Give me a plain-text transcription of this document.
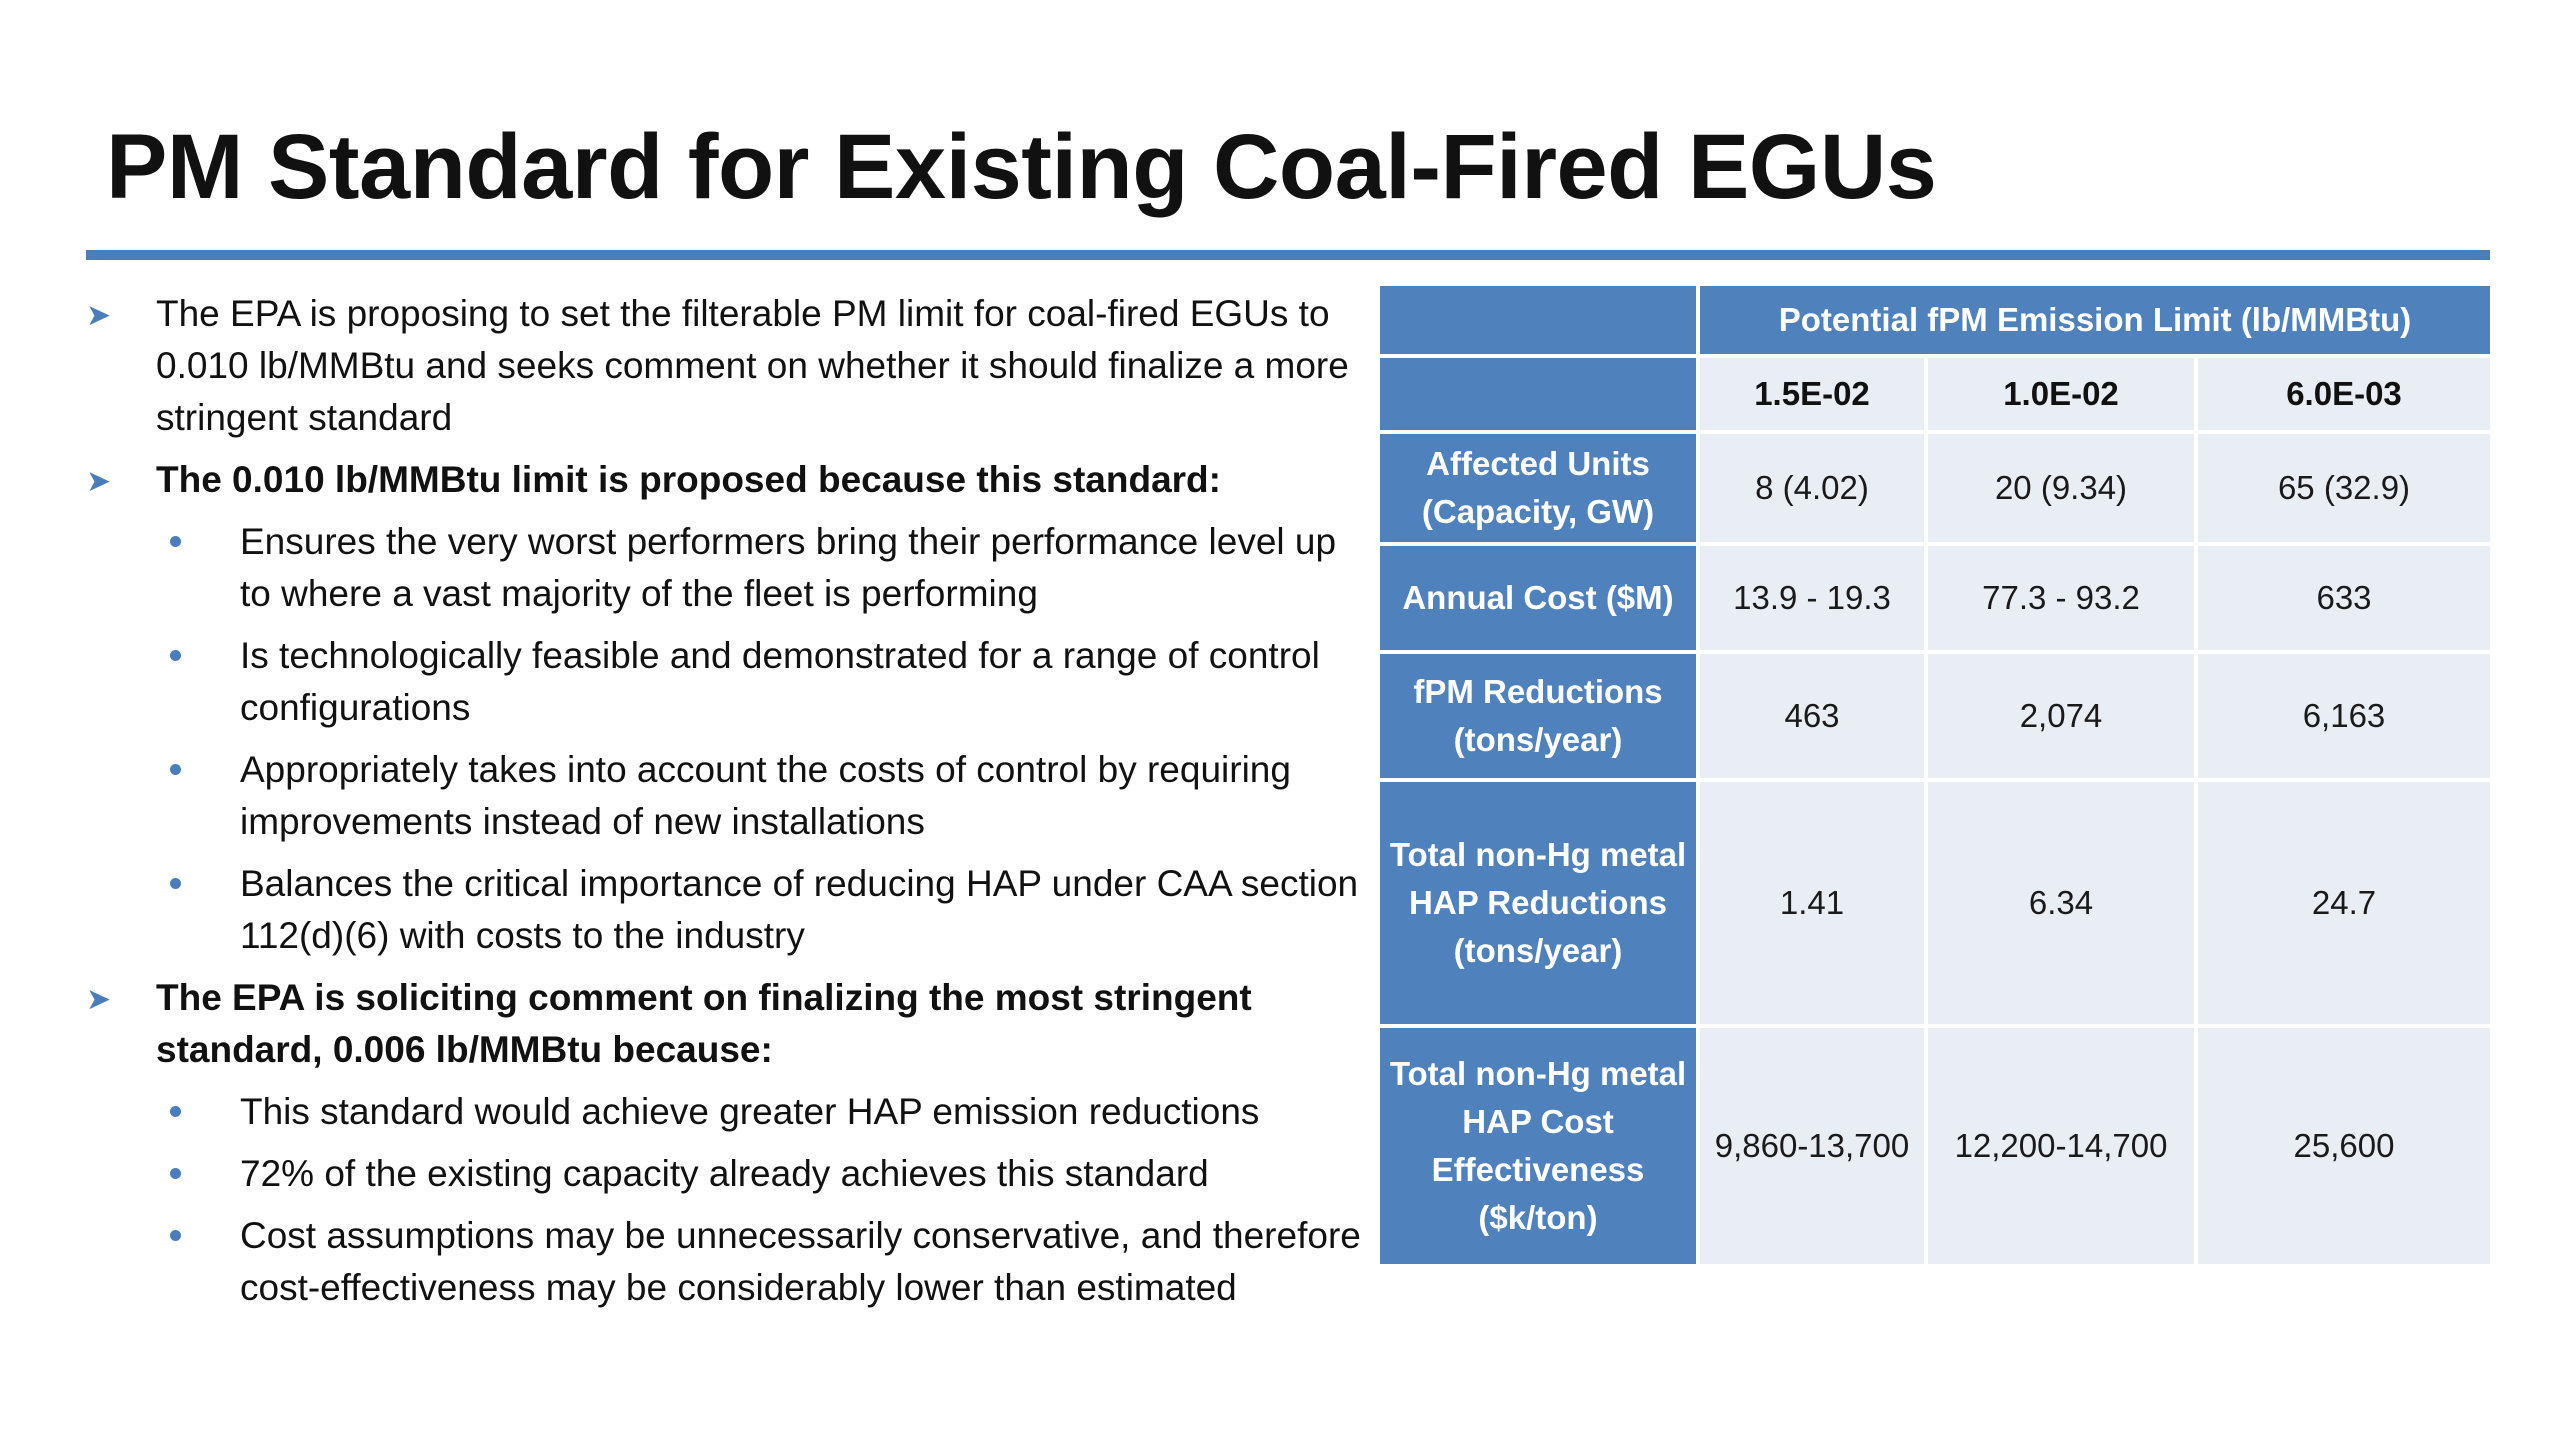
PM Standard for Existing Coal-Fired EGUs
➤ The EPA is proposing to set the filterable PM limit for coal-fired EGUs to 0.010 lb/MMBtu and seeks comment on whether it should finalize a more stringent standard
➤ The 0.010 lb/MMBtu limit is proposed because this standard:
Ensures the very worst performers bring their performance level up to where a vast majority of the fleet is performing
Is technologically feasible and demonstrated for a range of control configurations
Appropriately takes into account the costs of control by requiring improvements instead of new installations
Balances the critical importance of reducing HAP under CAA section 112(d)(6) with costs to the industry
➤ The EPA is soliciting comment on finalizing the most stringent standard, 0.006 lb/MMBtu because:
This standard would achieve greater HAP emission reductions
72% of the existing capacity already achieves this standard
Cost assumptions may be unnecessarily conservative, and therefore cost-effectiveness may be considerably lower than estimated
	Potential fPM Emission Limit (lb/MMBtu)		
	1.5E-02	1.0E-02	6.0E-03
Affected Units (Capacity, GW)	8 (4.02)	20 (9.34)	65 (32.9)
Annual Cost ($M)	13.9 - 19.3	77.3 - 93.2	633
fPM Reductions (tons/year)	463	2,074	6,163
Total non-Hg metal HAP Reductions (tons/year)	1.41	6.34	24.7
Total non-Hg metal HAP Cost Effectiveness ($k/ton)	9,860-13,700	12,200-14,700	25,600
